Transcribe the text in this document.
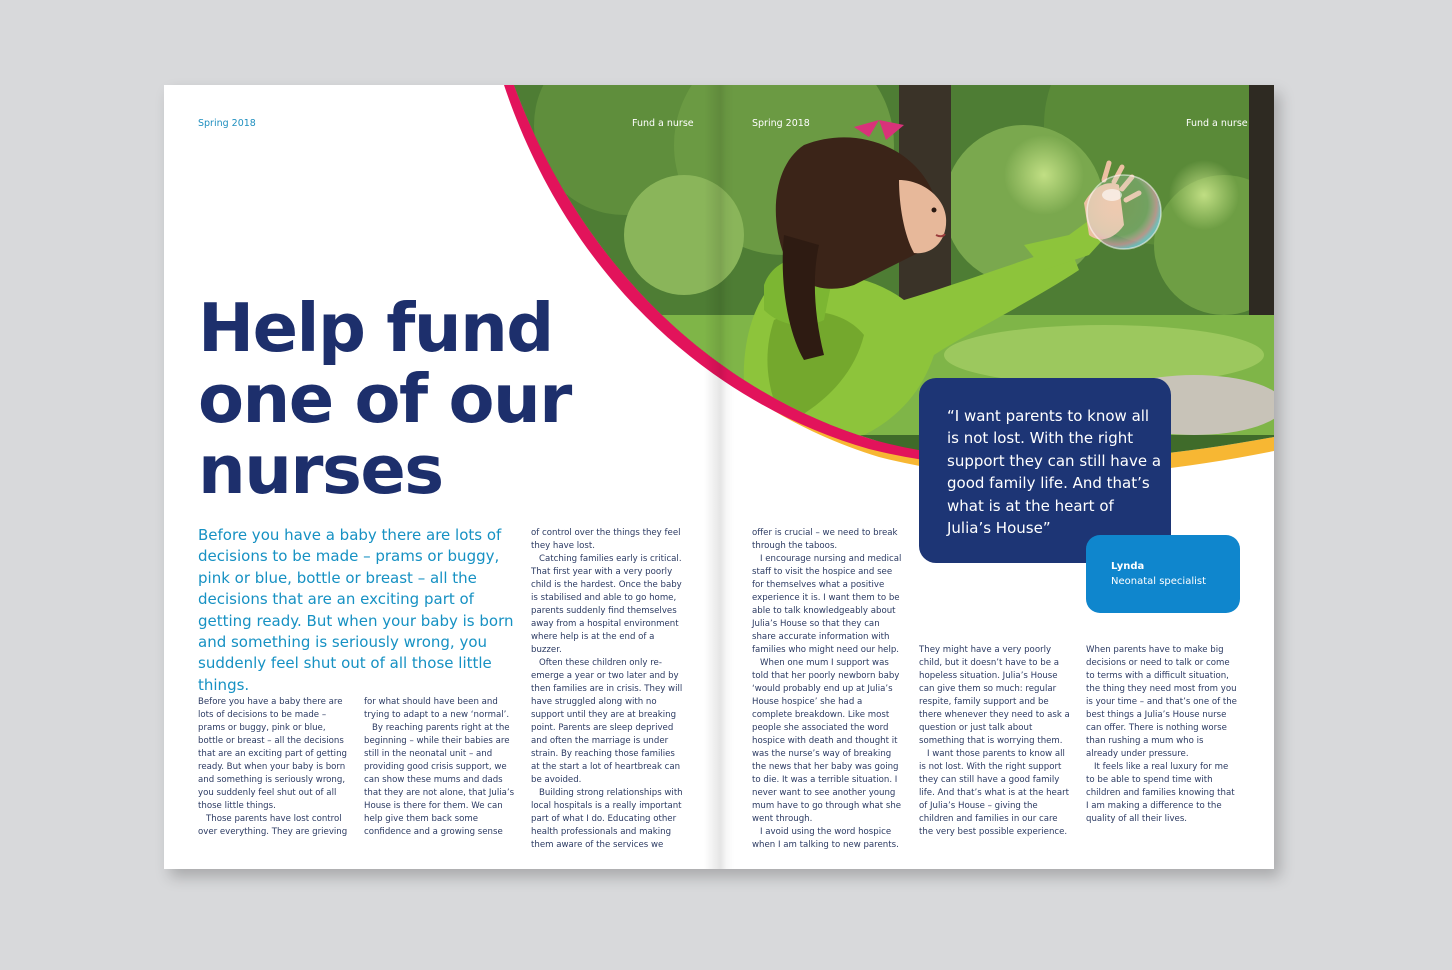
Spring 2018	Fund a nurse	Spring 2018	Fund a nurse
Help fund
one of our
nurses
Before you have a baby there are lots of decisions to be made – prams or buggy, pink or blue, bottle or breast – all the decisions that are an exciting part of getting ready. But when your baby is born and something is seriously wrong, you suddenly feel shut out of all those little things.

Before you have a baby there are lots of decisions to be made – prams or buggy, pink or blue, bottle or breast – all the decisions that are an exciting part of getting ready. But when your baby is born and something is seriously wrong, you suddenly feel shut out of all those little things.

Those parents have lost control over everything. They are grieving

for what should have been and trying to adapt to a new ‘normal’.

By reaching parents right at the beginning – while their babies are still in the neonatal unit – and providing good crisis support, we can show these mums and dads that they are not alone, that Julia’s House is there for them. We can help give them back some confidence and a growing sense

of control over the things they feel they have lost.

Catching families early is critical. That first year with a very poorly child is the hardest. Once the baby is stabilised and able to go home, parents suddenly find themselves away from a hospital environment where help is at the end of a buzzer.

Often these children only re-emerge a year or two later and by then families are in crisis. They will have struggled along with no support until they are at breaking point. Parents are sleep deprived and often the marriage is under strain. By reaching those families at the start a lot of heartbreak can be avoided.

Building strong relationships with local hospitals is a really important part of what I do. Educating other health professionals and making them aware of the services we

offer is crucial – we need to break through the taboos.

I encourage nursing and medical staff to visit the hospice and see for themselves what a positive experience it is. I want them to be able to talk knowledgeably about Julia’s House so that they can share accurate information with families who might need our help.

When one mum I support was told that her poorly newborn baby ‘would probably end up at Julia’s House hospice’ she had a complete breakdown. Like most people she associated the word hospice with death and thought it was the nurse’s way of breaking the news that her baby was going to die. It was a terrible situation. I never want to see another young mum have to go through what she went through.

I avoid using the word hospice when I am talking to new parents.

They might have a very poorly child, but it doesn’t have to be a hopeless situation. Julia’s House can give them so much: regular respite, family support and be there whenever they need to ask a question or just talk about something that is worrying them.

I want those parents to know all is not lost. With the right support they can still have a good family life. And that’s what is at the heart of Julia’s House – giving the children and families in our care the very best possible experience.

When parents have to make big decisions or need to talk or come to terms with a difficult situation, the thing they need most from you is your time – and that’s one of the best things a Julia’s House nurse can offer. There is nothing worse than rushing a mum who is already under pressure.

It feels like a real luxury for me to be able to spend time with children and families knowing that I am making a difference to the quality of all their lives.

“I want parents to know all is not lost. With the right support they can still have a good family life. And that’s what is at the heart of Julia’s House”
Lynda
Neonatal specialist
